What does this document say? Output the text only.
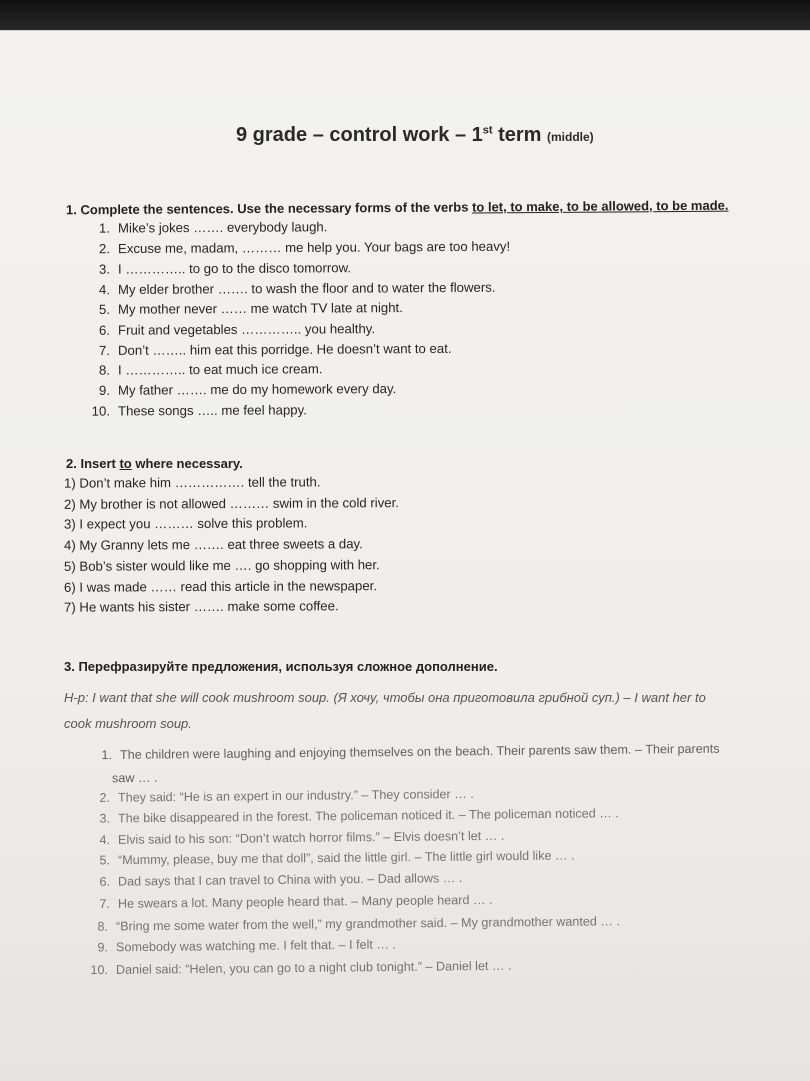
9 grade – control work – 1st term (middle)
1. Complete the sentences. Use the necessary forms of the verbs to let, to make, to be allowed, to be made.
1. Mike’s jokes ……. everybody laugh.
2. Excuse me, madam, ……… me help you. Your bags are too heavy!
3. I ………….. to go to the disco tomorrow.
4. My elder brother ……. to wash the floor and to water the flowers.
5. My mother never …… me watch TV late at night.
6. Fruit and vegetables ………….. you healthy.
7. Don’t …….. him eat this porridge. He doesn’t want to eat.
8. I ………….. to eat much ice cream.
9. My father ……. me do my homework every day.
10. These songs ….. me feel happy.
2. Insert to where necessary.
1) Don’t make him ……………. tell the truth.
2) My brother is not allowed ……… swim in the cold river.
3) I expect you ……… solve this problem.
4) My Granny lets me ……. eat three sweets a day.
5) Bob’s sister would like me …. go shopping with her.
6) I was made …… read this article in the newspaper.
7) He wants his sister ……. make some coffee.
3. Перефразируйте предложения, используя сложное дополнение.
Н-р: I want that she will cook mushroom soup. (Я хочу, чтобы она приготовила грибной суп.) – I want her to
cook mushroom soup.
1. The children were laughing and enjoying themselves on the beach. Their parents saw them. – Their parents
saw … .
2. They said: “He is an expert in our industry.” – They consider … .
3. The bike disappeared in the forest. The policeman noticed it. – The policeman noticed … .
4. Elvis said to his son: “Don’t watch horror films.” – Elvis doesn’t let … .
5. “Mummy, please, buy me that doll”, said the little girl. – The little girl would like … .
6. Dad says that I can travel to China with you. – Dad allows … .
7. He swears a lot. Many people heard that. – Many people heard … .
8. “Bring me some water from the well,” my grandmother said. – My grandmother wanted … .
9. Somebody was watching me. I felt that. – I felt … .
10. Daniel said: “Helen, you can go to a night club tonight.” – Daniel let … .
